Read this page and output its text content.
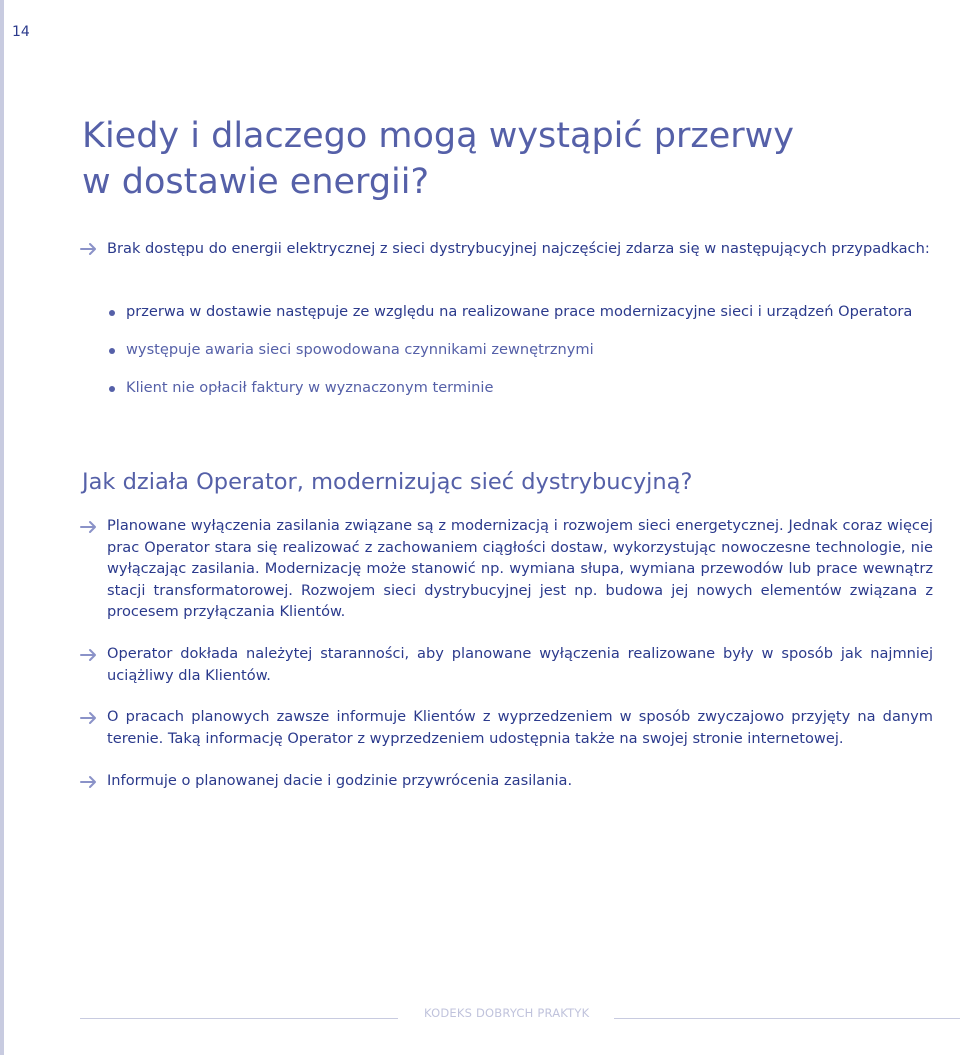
14
Kiedy i dlaczego mogą wystąpić przerwy
w dostawie energii?

Brak dostępu do energii elektrycznej z sieci dystrybucyjnej najczęściej zdarza się w następujących przypadkach:

przerwa w dostawie następuje ze względu na realizowane prace modernizacyjne sieci i urządzeń Operatora

występuje awaria sieci spowodowana czynnikami zewnętrznymi

Klient nie opłacił faktury w wyznaczonym terminie

Jak działa Operator, modernizując sieć dystrybucyjną?

Planowane wyłączenia zasilania związane są z modernizacją i rozwojem sieci energetycznej. Jednak coraz więcej prac Operator stara się realizować z zachowaniem ciągłości dostaw, wykorzystując nowoczesne technologie, nie wyłączając zasilania. Modernizację może stanowić np. wymiana słupa, wymiana przewodów lub prace wewnątrz stacji transformatorowej. Rozwojem sieci dystrybucyjnej jest np. budowa jej nowych elementów związana z procesem przyłączania Klientów.

Operator dokłada należytej staranności, aby planowane wyłączenia realizowane były w sposób jak najmniej uciążliwy dla Klientów.

O pracach planowych zawsze informuje Klientów z wyprzedzeniem w sposób zwyczajowo przyjęty na danym terenie. Taką informację Operator z wyprzedzeniem udostępnia także na swojej stronie internetowej.

Informuje o planowanej dacie i godzinie przywrócenia zasilania.

KODEKS DOBRYCH PRAKTYK
